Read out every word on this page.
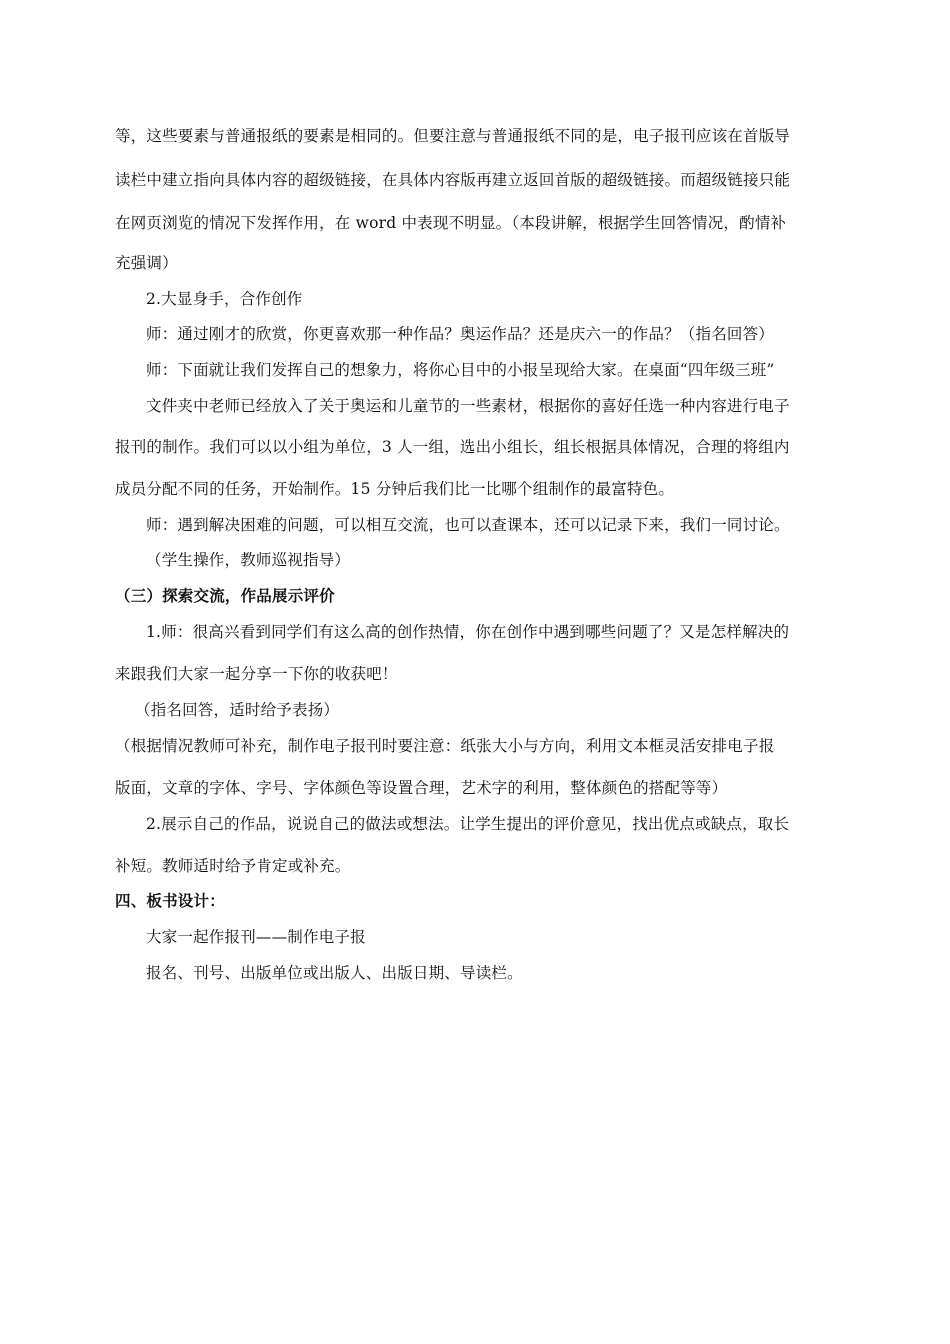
等，这些要素与普通报纸的要素是相同的。但要注意与普通报纸不同的是，电子报刊应该在首版导
读栏中建立指向具体内容的超级链接，在具体内容版再建立返回首版的超级链接。而超级链接只能
在网页浏览的情况下发挥作用，在 word 中表现不明显。（本段讲解，根据学生回答情况，酌情补
充强调）
2.大显身手，合作创作
师：通过刚才的欣赏，你更喜欢那一种作品？奥运作品？还是庆六一的作品？（指名回答）
师：下面就让我们发挥自己的想象力，将你心目中的小报呈现给大家。在桌面“四年级三班”
文件夹中老师已经放入了关于奥运和儿童节的一些素材，根据你的喜好任选一种内容进行电子
报刊的制作。我们可以以小组为单位，3 人一组，选出小组长，组长根据具体情况，合理的将组内
成员分配不同的任务，开始制作。15 分钟后我们比一比哪个组制作的最富特色。
师：遇到解决困难的问题，可以相互交流，也可以查课本，还可以记录下来，我们一同讨论。
（学生操作，教师巡视指导）
（三）探索交流，作品展示评价
1.师：很高兴看到同学们有这么高的创作热情，你在创作中遇到哪些问题了？又是怎样解决的
来跟我们大家一起分享一下你的收获吧！
（指名回答，适时给予表扬）
（根据情况教师可补充，制作电子报刊时要注意：纸张大小与方向，利用文本框灵活安排电子报
版面，文章的字体、字号、字体颜色等设置合理，艺术字的利用，整体颜色的搭配等等）
2.展示自己的作品，说说自己的做法或想法。让学生提出的评价意见，找出优点或缺点，取长
补短。教师适时给予肯定或补充。
四、板书设计：
大家一起作报刊——制作电子报
报名、刊号、出版单位或出版人、出版日期、导读栏。
